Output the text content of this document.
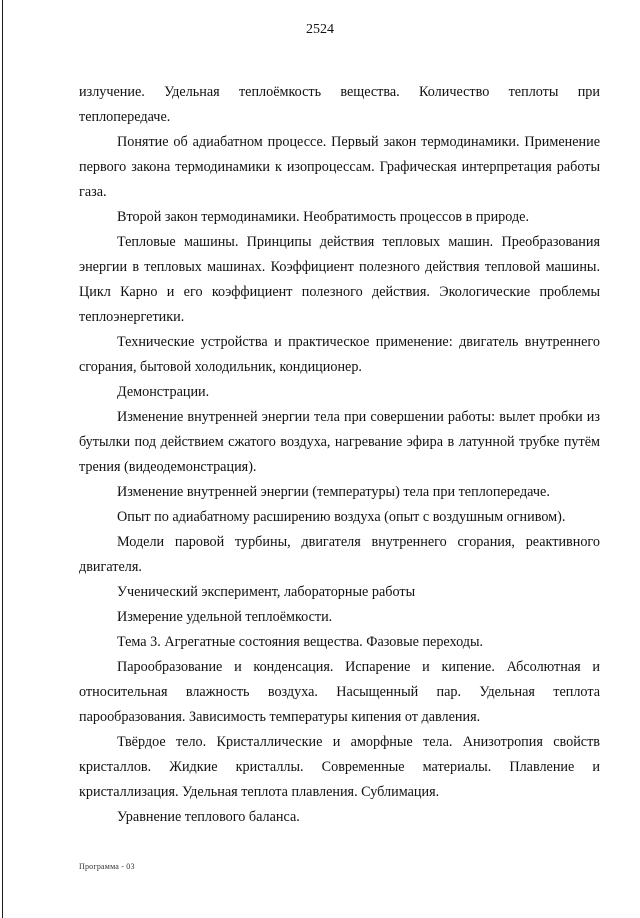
2524

излучение. Удельная теплоёмкость вещества. Количество теплоты при теплопередаче.

Понятие об адиабатном процессе. Первый закон термодинамики. Применение первого закона термодинамики к изопроцессам. Графическая интерпретация работы газа.

Второй закон термодинамики. Необратимость процессов в природе.

Тепловые машины. Принципы действия тепловых машин. Преобразования энергии в тепловых машинах. Коэффициент полезного действия тепловой машины. Цикл Карно и его коэффициент полезного действия. Экологические проблемы теплоэнергетики.

Технические устройства и практическое применение: двигатель внутреннего сгорания, бытовой холодильник, кондиционер.

Демонстрации.

Изменение внутренней энергии тела при совершении работы: вылет пробки из бутылки под действием сжатого воздуха, нагревание эфира в латунной трубке путём трения (видеодемонстрация).

Изменение внутренней энергии (температуры) тела при теплопередаче.

Опыт по адиабатному расширению воздуха (опыт с воздушным огнивом).

Модели паровой турбины, двигателя внутреннего сгорания, реактивного двигателя.

Ученический эксперимент, лабораторные работы

Измерение удельной теплоёмкости.

Тема 3. Агрегатные состояния вещества. Фазовые переходы.

Парообразование и конденсация. Испарение и кипение. Абсолютная и относительная влажность воздуха. Насыщенный пар. Удельная теплота парообразования. Зависимость температуры кипения от давления.

Твёрдое тело. Кристаллические и аморфные тела. Анизотропия свойств кристаллов. Жидкие кристаллы. Современные материалы. Плавление и кристаллизация. Удельная теплота плавления. Сублимация.

Уравнение теплового баланса.

Программа - 03
